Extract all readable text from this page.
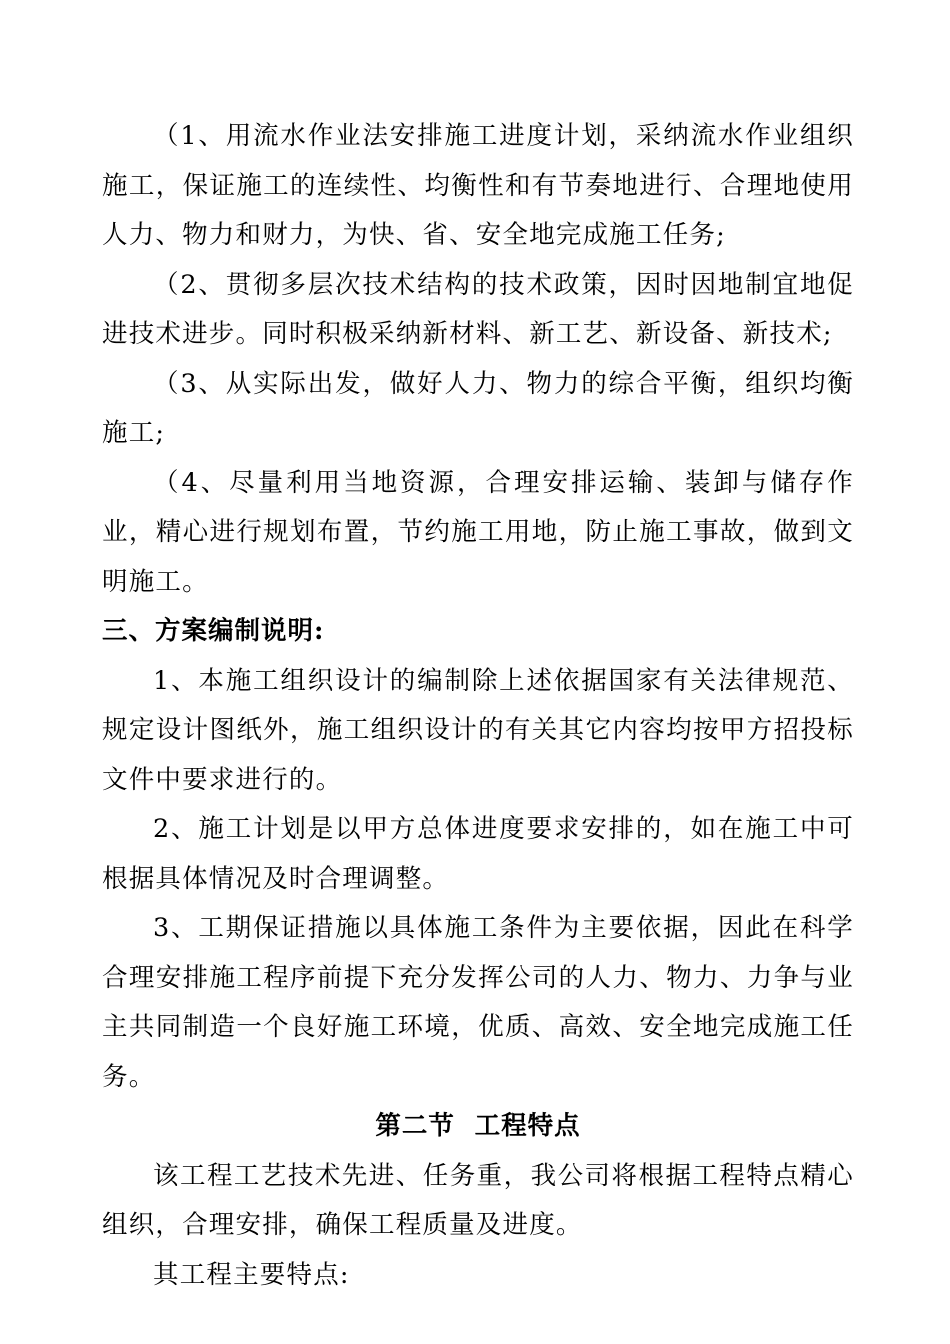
（1、用流水作业法安排施工进度计划，采纳流水作业组织施工，保证施工的连续性、均衡性和有节奏地进行、合理地使用人力、物力和财力，为快、省、安全地完成施工任务;

（2、贯彻多层次技术结构的技术政策，因时因地制宜地促进技术进步。同时积极采纳新材料、新工艺、新设备、新技术;

（3、从实际出发，做好人力、物力的综合平衡，组织均衡施工;

（4、尽量利用当地资源，合理安排运输、装卸与储存作业，精心进行规划布置，节约施工用地，防止施工事故，做到文明施工。

三、方案编制说明:

1、本施工组织设计的编制除上述依据国家有关法律规范、规定设计图纸外，施工组织设计的有关其它内容均按甲方招投标文件中要求进行的。

2、施工计划是以甲方总体进度要求安排的，如在施工中可根据具体情况及时合理调整。

3、工期保证措施以具体施工条件为主要依据，因此在科学合理安排施工程序前提下充分发挥公司的人力、物力、力争与业主共同制造一个良好施工环境，优质、高效、安全地完成施工任务。

第二节  工程特点

该工程工艺技术先进、任务重，我公司将根据工程特点精心组织，合理安排，确保工程质量及进度。

其工程主要特点:
